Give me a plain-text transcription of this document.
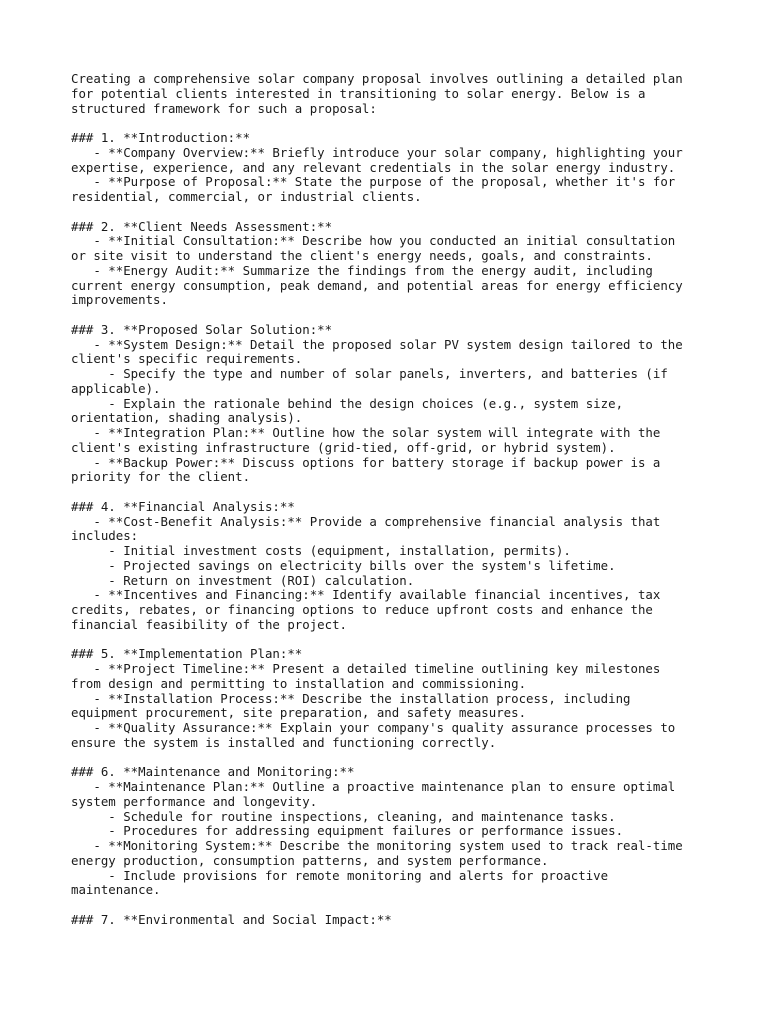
Creating a comprehensive solar company proposal involves outlining a detailed plan
for potential clients interested in transitioning to solar energy. Below is a
structured framework for such a proposal:
### 1. **Introduction:**
- **Company Overview:** Briefly introduce your solar company, highlighting your
expertise, experience, and any relevant credentials in the solar energy industry.
- **Purpose of Proposal:** State the purpose of the proposal, whether it's for
residential, commercial, or industrial clients.
### 2. **Client Needs Assessment:**
- **Initial Consultation:** Describe how you conducted an initial consultation
or site visit to understand the client's energy needs, goals, and constraints.
- **Energy Audit:** Summarize the findings from the energy audit, including
current energy consumption, peak demand, and potential areas for energy efficiency
improvements.
### 3. **Proposed Solar Solution:**
- **System Design:** Detail the proposed solar PV system design tailored to the
client's specific requirements.
- Specify the type and number of solar panels, inverters, and batteries (if
applicable).
- Explain the rationale behind the design choices (e.g., system size,
orientation, shading analysis).
- **Integration Plan:** Outline how the solar system will integrate with the
client's existing infrastructure (grid-tied, off-grid, or hybrid system).
- **Backup Power:** Discuss options for battery storage if backup power is a
priority for the client.
### 4. **Financial Analysis:**
- **Cost-Benefit Analysis:** Provide a comprehensive financial analysis that
includes:
- Initial investment costs (equipment, installation, permits).
- Projected savings on electricity bills over the system's lifetime.
- Return on investment (ROI) calculation.
- **Incentives and Financing:** Identify available financial incentives, tax
credits, rebates, or financing options to reduce upfront costs and enhance the
financial feasibility of the project.
### 5. **Implementation Plan:**
- **Project Timeline:** Present a detailed timeline outlining key milestones
from design and permitting to installation and commissioning.
- **Installation Process:** Describe the installation process, including
equipment procurement, site preparation, and safety measures.
- **Quality Assurance:** Explain your company's quality assurance processes to
ensure the system is installed and functioning correctly.
### 6. **Maintenance and Monitoring:**
- **Maintenance Plan:** Outline a proactive maintenance plan to ensure optimal
system performance and longevity.
- Schedule for routine inspections, cleaning, and maintenance tasks.
- Procedures for addressing equipment failures or performance issues.
- **Monitoring System:** Describe the monitoring system used to track real-time
energy production, consumption patterns, and system performance.
- Include provisions for remote monitoring and alerts for proactive
maintenance.
### 7. **Environmental and Social Impact:**
